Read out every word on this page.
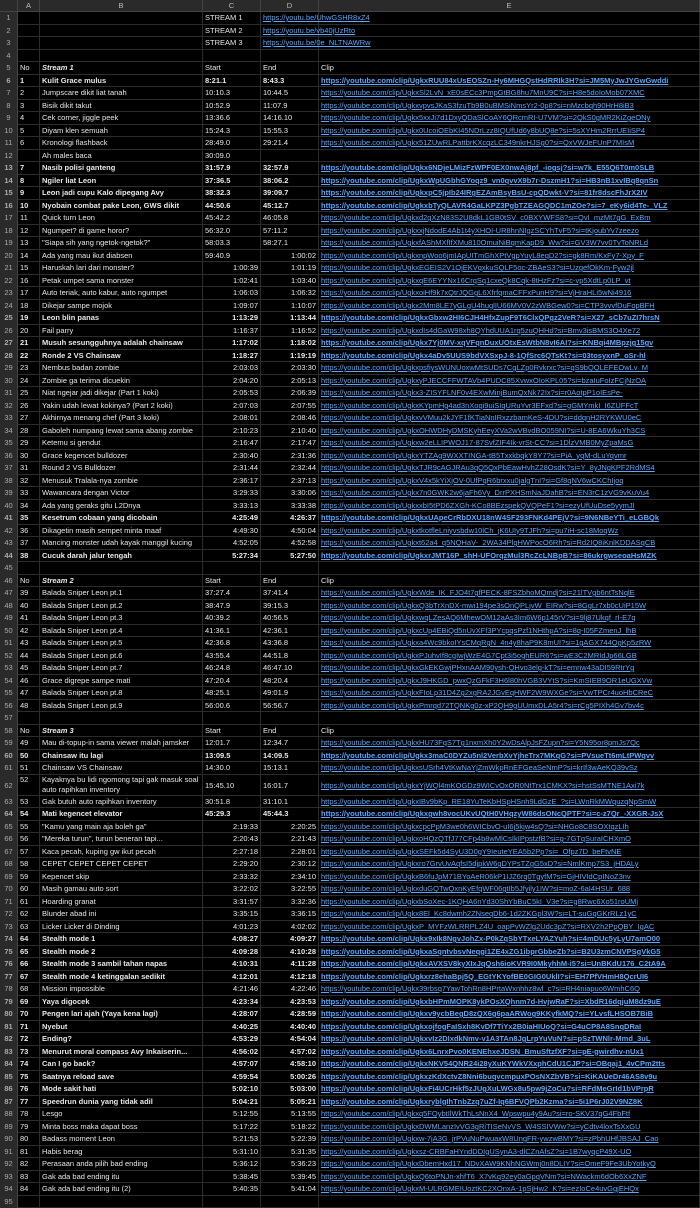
A	B	C	D	E
1	STREAM 1	https://youtu.be/UhwGSHR8xZ4
2	STREAM 2	https://youtu.be/vb40jUzRto
3	STREAM 3	https://youtu.be/0e_NLTNAWRw
4
5	No	Stream 1	Start	End	Clip
6	1	Kulit Grace mulus	8:21.1	8:43.3	https://youtube.com/clip/UgkxRUU84xUsEOSZn-Hy6MHGQstHdRRIk3H?si=JM5MyJwJYGwGwddi
7	2	Jumpscare dikit liat tanah	10:10.3	10:44.5	https://youtube.com/clip/UgkxSl2LvN_xE0sECc3PmpGtBG8hu7MnU9C?si=H8e5doIoMob07XMC
8	3	Bisik dikit takut	10:52.9	11:07.9	https://youtube.com/clip/UgkxvpvsJKaS3fzuTb9B0uBMSiNmsYr2-0p8?si=nMzcbqh90HrH8iB3
9	4	Cek corner, jiggle peek	13:36.6	14:16.10	https://youtube.com/clip/Ugkx5xxJi7d1DxyQDaSlCoAY6QRcmRI-U7VM?si=2QkS0gMR2KiZgeONy
10 5	Diyam klen semuah	15:24.3	15:55.3	https://youtube.com/clip/Ugkx0UcoiOEbKI45NDrLzz8IQUfUd6y8bUQ8e?si=5sXYHm2RrrUEIiSP4
11	6	Kronologi flashback	28:49.0	29:21.4	https://youtube.com/clip/Ugkx51ZUwRLPattbrKXcqzLC349nkrHJSg0?si=QxVWJeFUnP7MIsM
12	Ah males baca	30:09.0
13 7	Nasib polisi ganteng	31:57.9	32:57.9	https://youtube.com/clip/Ugkx6NDjeLMizFzWPF0EX0nwAj8pf_-iogsj?si=w7k_E55Q6T0m0SLB
14 8	Ngiler liat Leon	37:36.5	38:06.2	https://youtube.com/clip/UgkxWpUGbhGYoqz9_vn0qvvX9b7r-DszmH1?si=HB3nB1xvIBq8qnSn
15 9	Leon jadi cupu Kalo dipegang Avy	38:32.3	39:09.7	https://youtube.com/clip/UgkxpC5jpIb24IRgEZAmBsyBsU-cpQDwkt-V?si=81fr8dscFhJrX2IV
16 10	Nyobain combat pake Leon, GWS dikit	44:50.6	45:12.7	https://youtube.com/clip/UgkxbTyQLAVR4GaLKPZ3PgbTZEAGQDC1mZOe?si=7_eKy6id4Te-_VLZ
17 11	Quick turn Leon	45:42.2	46:05.8	https://youtube.com/clip/Ugkxd2gXzN83S2U8dkL1GB0tSV_c0BXYWFS8?si=QvI_mzMt7gG_ExBm
18 12	Ngumpet? di game horor?	56:32.0	57:11.2	https://youtube.com/clip/UgkxxjNdodE4Ab1t4yXHOI-UR8hnNIgzSCYhTvF5?si=tKjoubYv7zeezo
19 13	"Siapa sih yang ngetok-ngetok?"	58:03.3	58:27.1	https://youtube.com/clip/UgkxfAShMXfIfXMu810OmuiNiBqmKapD9_Ww?si=GV3W7vv0TvToNRLd
20 14	Ada yang mau ikut diabsen	59:40.9	1:00:02 https://youtube.com/clip/UgkxnpWoo6jmIApUITmGhXPtVgpYuyL8eqD2?si=gk8Rm/KxFy7-Xpy_F
21 15	Haruskah lari dari monster?	1:00:39	1:01:19 https://youtube.com/clip/UgkxEGEIS2V1OjEKVqxkuSQLF5oc-ZBAeS3?si=UzgefOkKm-Fyw2jl
22 16	Petak umpet sama monster	1:02:41	1:03:40 https://youtube.com/clip/UgkxqE6EYYNx16CrqSq1cxeQk8Cqk-8tHzFz?si=c-vp5XdtLp0LP_vt
23 17	Auto teriak, auto kabur, auto ngumpet	1:06:03	1:06:32 https://youtube.com/clip/UgkxoiHf9k7xQtrJQGgL6XfrfqmaCFFxPunH9?si=VjHraHLi5wNi4916
24 18	Dikejar sampe mojok	1:09:07	1:10:07 https://youtube.com/clip/Ugkx2Mm8LE7yGLgU4huglIU66MV0V2zWBGew0?si=CTP3vvvfDuFopBFH
25 19	Leon blin panas	1:13:29	1:13:44 https://youtube.com/clip/UgkxGbxw2HI6CJH4HfxZupF9T6ClxQPgz2VeR?si=X27_sCb7uZI7hrsN
26 20	Fail parry	1:16:37	1:16:52 https://youtube.com/clip/UgkxdIs4dGaW98xh8QYhdUUA1rq5zuQHHd?si=Bmv3isBMS3O4Xe72
27 21	Musuh sesungguhnya adalah chainsaw	1:17:02	1:18:02 https://youtube.com/clip/Ugkx7Yj0MV-xqVFqnDuxUOtxEsWtbN8vI6AI?si=KNBqi4MBpzjg15gv
28 22	Ronde 2 VS Chainsaw	1:18:27	1:19:19 https://youtube.com/clip/Ugkx4aDv5UUS9bdVXSxpJ-8-1QfSrc6QTsKt?si=03tosyxnP_oSr-hl
29 23	Nembus badan zombie	2:03:03	2:03:30 https://youtube.com/clip/UgkxpsfiysWUNUoxwMtSUDs7CgLZp0Rvkrxc?si=qS9bQQLEFEOwLv_M
30 24	Zombie ga terima dicuekin	2:04:20	2:05:13 https://youtube.com/clip/UgkxyPJECCFFWTAVb4PUDC85XvwxOIoKPL05?si=bzaIuFoIzFCjNzOA
31 25	Niat ngejar jadi dikejar (Part 1 koki)	2:05:53	2:06:39 https://youtube.com/clip/Ugkx3-ZISYFLNF0v4EXwMinjBumQxNk72Ix?si=r0AotpP1oIEsPe-
32 26	Yakin udah lewat kokinya? (Part 2 koki)	2:07:03	2:07:55 https://youtube.com/clip/UgkxKYpmHg4ad3nXoqi9uiSIqURuYvr3EFxd?si=gGMYmkI_I6ZUFFcT
33 27	Akhirnya menang chef (Part 3 koki)	2:08:01	2:08:46 https://youtube.com/clip/UgkxvVMuu2kJYF1fKTiaNnIRxzzbamKeS-4DU?si=ddqnH2RYKWU0eC
34 28	Gaboleh numpang lewat sama abang zombie	2:10:23	2:10:40 https://youtube.com/clip/UgkxOHWDHyDMSKyhEeyXVa2wVBvdBO059NI?si=U-8EA6WkuYh3CS
35 29	Ketemu si gendut	2:16:47	2:17:47 https://youtube.com/clip/Ugkxw2eLLIPWOJ17-87SvfZIF4Ik-vrSt-CC?si=1DlzVMB0MyZpaMsG
36 30	Grace kegencet bulldozer	2:30:40	2:31:36 https://youtube.com/clip/UgkxYTZAg9WXXTINGA-tB5TxxkbqkY8Y7?si=PiA_yqM-dLuYqvmr
37 31	Round 2 VS Bulldozer	2:31:44	2:32:44 https://youtube.com/clip/UgkxTJR9cAGJRAu3qQ5QxPbEawHvhZ28OsdK?si=Y_8yJNgKPF2RdMS4
38 32	Menusuk Tralala-nya zombie	2:36:17	2:37:13 https://youtube.com/clip/UgkxV4x5kYiXjOV-0UfPqR6brxxu0jalgTnI?si=Gf8qNV6wCKChIjoq
39 33	Wawancara dengan Victor	3:29:33	3:30:06 https://youtube.com/clip/Ugkx7n0GWK2w6jaFh6Vy_DrrPXHSmNaJDahB?si=EN3rC1zVG9vKuVu4
40 34	Ada yang geraks gitu L2Dnya	3:33:13	3:33:38 https://youtube.com/clip/UgkxxbI5tPD6ZXGh-KCo8BEzspekQVQPeF1?si=ezyUfUuDse5yymJI
41 35	Kesetrum cobaan yang dicobain	4:25:49	4:26:37 https://youtube.com/clip/UgkxUApeCrRbDXU18nW4SF293FNKd4PEjV?si=9N6NBeYTi_eLGBQk
42 36	Dikagetin masih sempet minta maaf	4:49:30	4:50:04 https://youtube.com/clip/UgkxtkotfleLniyvsbdw10lCh_jK6UIy9TJFh?si=pu7iH-sc18MoqWz
43 37	Mancing monster udah kayak manggil kucing	4:52:05	4:52:58 https://youtube.com/clip/Ugkxt62a4_q5NQHaV-_2WA34PlgHWPocO6Rh?si=Rd2IQ8iKnlKDDASqCB
44 38	Cucuk darah jalur tengah	5:27:34	5:27:50 https://youtube.com/clip/UgkxrJMT16P_shH-UFOrqzMul3RcZcLNBpB?si=86ukrgwseoaHsMZK
45
46 No	Stream 2	Start	End	Clip
47 39	Balada Sniper Leon pt.1	37:27.4	37:41.4	https://youtube.com/clip/UgkxWde_IK_FJO4t7gfPECK-8FSZbhoMQmdj?si=21lTVgb6ntTsNqlE
48 40	Balada Sniper Leon pt.2	38:47.9	39:15.3	https://youtube.com/clip/UgkxQ3bTrXnDX-mwi194pe3sOnQPLjvW_EIRw?si=8GgLr7xb0cUiP15W
49 41	Balada Sniper Leon pt.3	40:39.2	40:56.5	https://youtube.com/clip/UgkxwqLZesAQ6MhewOM12aAs3Im6W6p145rV?si=9lj87Ukqf_rI-E7q
50 42	Balada Sniper Leon pt.4	41:36.1	42:36.1	https://youtube.com/clip/UgkxcUp4EBiQd5nUvXFf3PYcpqsPzf1NHthpA?si=8q-I05FZmenJ_lhB
51 43	Balada Sniper Leon pt.5	42:36.8	43:36.8	https://youtube.com/clip/Ugkxa4Wc9bkoIYsCMqRgN_4n4y8haP9K8mUI?si=1gAGX744QgKp5zRW
52 44	Balada Sniper Leon pt.6	43:55.4	44:51.8	https://youtube.com/clip/UgkxPJuhvIf8cgIwjWzE4G7Cpt3i5oghEUR6?si=wE3C2MRIdJp66LGB
53 45	Balada Sniper Leon pt.7	46:24.8	46:47.10	https://youtube.com/clip/UgkxGkEKGwjPHxnAAM90ysh-QHvo3elg-kT?si=emnw43aDI59RtrYg
54 46	Grace digrepe sampe mati	47:20.4	48:20.4	https://youtube.com/clip/UgkxJ9HKGD_pwxQzGFkF3H6l80hVGB3VYtS?si=KmSIEB9OR1eUGXVw
55 47	Balada Sniper Leon pt.8	48:25.1	49:01.9	https://youtube.com/clip/UgkxFIoLp31D4Zg2xgRA2JGvEqHWF2W9WXGe?si=VwTPCr4uoHbCReC
56 48	Balada Sniper Leon pt.9	56:00.6	56:56.7	https://youtube.com/clip/UgkxPmrqd72TQNKg0z-xP2QH9gUUmxDLA5r4?si=rCg5PIXh4Gv7bv4c
57
58 No	Stream 3	Start	End	Clip
59 49	Mau di-topup-in sama viewer malah jamsker	12:01.7	12:34.7	https://youtube.com/clip/UgkxHU73FqS7Tg1nxmXh0Y2wDsAlpJsFZupn?si=Y5N95or8pmJs7Qc
60 50	Chainsaw itu lagi	13:09.5	14:09.5	https://youtube.com/clip/Ugkx3maC0DYZu5nl2VerbXvYjheTrx7MKqG?si=PVsueTt6mLtPWqvv
61 51	Chainsaw VS Chainsaw	14:30.0	15:13.1	https://youtube.com/clip/UgkxsUSrh4VtKwNaYjZmWkpRnEFGeaSeNmP?si=krIf3wAeKQ39vSz
62
52	Kayaknya bu lidi ngomong tapi gak masuk soal auto rapihkan inventory	15:45.10	16:01.7	https://youtube.com/clip/UgkxYjWQl4mKOGDz9WICvOxOR0NtTrx1CMKX?si=hstSsMTNE1Axi7k
63 53	Gak butuh auto rapihkan inventory	30:51.8	31:10.1	https://youtube.com/clip/UgkxIBv9bKp_RE18YuTeKbHSpHSnh9LdGzE_?si=LWnRkMWquzqNpSmW
64 54	Mati kegencet elevator	45:29.3	45:44.3	https://youtube.com/clip/Ugkxgwh8vocUKvUQtH0VHqzyW86dsONcQPTF?si=c-z7Qr_-XXGR-JsX
65 55	"Kamu yang main aja boleh ga"	2:19:33	2:20:25 https://youtube.com/clip/UgkxcpcPpM3we0h6WICbvO-uI6j5kjw4sQ?si=NHGo8C8SOXtqzLIh
66 56	"Mereka turun", turun beneran tapi...	2:20:43	2:21:43 https://youtube.com/clip/UgkxoHQzQTfJ77CFp4b8wMlCsIkIPpstzfB?si=g-7GTqSuraICHXmO
67 57	Kaca pecah, kuping gw ikut pecah	2:27:18	2:28:01 https://youtube.com/clip/UgkxSEFk5d4SyU3D0gY9IeuteYEA5b2Pp?si=_Ofpz7D_beFtvNE
68 58	CEPET CEPET CEPET CEPET	2:29:20	2:30:12 https://youtube.com/clip/Ugkxro7GrvUvAqfsI5djpkW6gDYPsTZgG5xD?si=NmlKmp7S3_jHDALy
69 59	Kepencet skip	2:33:32	2:34:10 https://youtube.com/clip/UgkxB6fuJpM71BYoAeR06kP1IJZ6rq0TgyfM?si=GjHIVIdCpINoZ3nv
70 60	Masih gamau auto sort	3:22:02	3:22:55 https://youtube.com/clip/UgkxduGQTwQxnKyEfqWF06gtIb5Jfyily1IW?si=moZ-6aI4HSUr_688
71 61	Hoarding granat	3:31:57	3:32:36 https://youtube.com/clip/UgkxbSoXec-1KQHA6nYd30ShYbBuC5kI_V3e?si=g8Rwc6Xo51roUMj
72 62	Blunder abad ini	3:35:15	3:36:15 https://youtube.com/clip/Ugkx8El_Kc8dwmh2ZNseqDb6-1d2ZKGpl3W?si=LT-suGqGKrRLz1yC
73 63	Licker Licker di Dinding	4:01:23	4:02:02 https://youtube.com/clip/UgkxP_MYFzWLRRPLZ4U_oapPvWZlg2Udc3pZ?si=RXV2h2PpQBY_IgAC
74 64	Stealth mode 1	4:08:27	4:09:27 https://youtube.com/clip/Ugkx9xIk8NgvJohZx-P0kZqSbYTxeLYAZYuh?si=4mDUc5yLyU7amO00
75 65	Stealth mode 2	4:09:28	4:10:28 https://youtube.com/clip/UgkxaSqntvbsvNeqgi1ZE4xZG1ibprGbbeZb?si=B2U3zmCNVPSgVkG5
76 66	Stealth mode 3 sambil tahan napas	4:10:31	4:11:28 https://youtube.com/clip/UgkxAVXSV8kyXIxJqQsh6ioKVR9I0MkyhhM-i5?si=UnBKdU176_C2tA9A
77 67	Stealth mode 4 ketinggalan sedikit	4:12:01	4:12:18 https://youtube.com/clip/Ugkxrz8ehaBpj5Q_EGtYKYofBE0GIG0UklI?si=EH7PfVHmH8QcrUI6
78 68	Mission impossible	4:21:46	4:22:46 https://youtube.com/clip/Ugkx39rbsq7YawTohRn8HPrtaWxnhhz8wl_c?si=RH4niapuo6WmhC6Q
79 69	Yaya digocek	4:23:34	4:23:53 https://youtube.com/clip/UgkxbHPmMOPK8ykPOsXQhnm7d-HvjwRaF?si=XbdR16dqjuM8dz9uE
80 70	Pengen lari ajah (Yaya kena lagi)	4:28:07	4:28:59 https://youtube.com/clip/Ugkxv9ycbBegD8zQX6g6paARWog9KKyfkMQ?si=YLvsfLHSOB7BiB
81 71	Nyebut	4:40:25	4:40:40 https://youtube.com/clip/UgkxojfogFaISxh8KvDf7TiYx2B0iaHIUoQ?si=G4uCP8A8SnqDRaI
82 72	Ending?	4:53:29	4:54:04 https://youtube.com/clip/UgkxvIz2DIxdkNmv-v1A3TAn8JgLrpYuVuN?si=pSzTWNlr-Mmd_3uL
83 73	Menurut moral compass Avy Inkaiserin...	4:56:02	4:57:02 https://youtube.com/clip/Ugkx6LnrxPvo0KENEhxeJDSN_BmuSftzfXF?si=pE-gwirdhv-nUx1
84 74	Can I go back?	4:57:07	4:58:10 https://youtube.com/clip/UgkxNKV54QNR24i28yXuKYWkVXxphCdU1CJP?si=OBqaj1_4vCPm2tts
85 75	Saatnya reload save	4:59:54	5:00:26 https://youtube.com/clip/UgkxzKdXctvZ8Nni6buqvcmpuxPOsNXZbVB?si=KiKAUeDr46AS8v9u
86 76	Mode sakit hati	5:02:10	5:03:00 https://youtube.com/clip/UgkxFi4UCrHkf5zJUgXuLWGx8u5pw9jZoCu?si=RFdMeGrId1bVPrpR
87 77	Speedrun dunia yang tidak adil	5:04:21	5:05:21 https://youtube.com/clip/UgkxryblgIhTnbZzq7uZf-Iq6BFVQPb2Kzma?si=5i1P6rJ02V9NZ8K
88 78	Lesgo	5:12:55	5:13:55 https://youtube.com/clip/Ugkxq5FQybtIlWkThLsNnX4_Wpswpu4y9Au?si=ro-SKV37qG4FbFtf
89 79	Minta boss maka dapat boss	5:17:22	5:18:22 https://youtube.com/clip/UgkxDWMLanzIvVG3gRiTISeNvVS_W4SSIVWw?si=yCdtv4loxTsXxGU
90 80	Badass moment Leon	5:21:53	5:22:39 https://youtube.com/clip/Ugkxw-7jA3G_jrPVuNuPwuaxW8UngFR-ywzwBMY?si=zPbhUHfJBSAJ_Cao
91 81	Habis berag	5:31:10	5:31:35 https://youtube.com/clip/Ugkxsz-CRBFaHYndDDIgUSynA3-dlCZnAfsZ?si=1B7wyqcP49X-UO
92 82	Perasaan anda pilih bad ending	5:36:12	5:36:23 https://youtube.com/clip/UgkxDbemHxd17_NDvXAW9KNhNGWmj0n8DLIY?si=OmeF9Fe3UbYotkyQ
93 83	Gak ada bad ending itu	5:38:45	5:39:45 https://youtube.com/clip/UgkxQ6toPNJn-xhfT6_X7vKq92ey0aGpqVNm?si=NWackm6dOb6XxZNF
94 84	Gak ada bad ending itu (2)	5:40:35	5:41:04 https://youtube.com/clip/UgkxM-ULRGMEIUoztKC2XOnxA-1pSjHw2_K?si=ezIoCe4uvGgjEHQx
95
